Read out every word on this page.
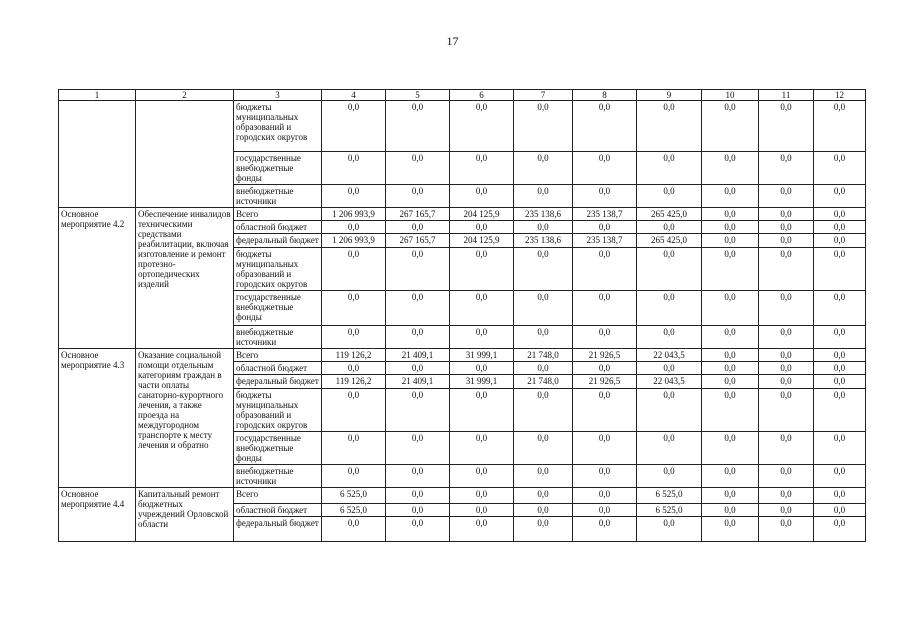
17
1	2	3	4	5	6	7	8	9	10	11	12
		бюджеты муниципальных образований и городских округов	0,0	0,0	0,0	0,0	0,0	0,0	0,0	0,0	0,0
		государственные внебюджетные фонды	0,0	0,0	0,0	0,0	0,0	0,0	0,0	0,0	0,0
		внебюджетные источники	0,0	0,0	0,0	0,0	0,0	0,0	0,0	0,0	0,0
Основное мероприятие 4.2	Обеспечение инвалидов техническими средствами реабилитации, включая изготовление и ремонт протезно-ортопедических изделий	Всего	1 206 993,9	267 165,7	204 125,9	235 138,6	235 138,7	265 425,0	0,0	0,0	0,0
		областной бюджет	0,0	0,0	0,0	0,0	0,0	0,0	0,0	0,0	0,0
		федеральный бюджет	1 206 993,9	267 165,7	204 125,9	235 138,6	235 138,7	265 425,0	0,0	0,0	0,0
		бюджеты муниципальных образований и городских округов	0,0	0,0	0,0	0,0	0,0	0,0	0,0	0,0	0,0
		государственные внебюджетные фонды	0,0	0,0	0,0	0,0	0,0	0,0	0,0	0,0	0,0
		внебюджетные источники	0,0	0,0	0,0	0,0	0,0	0,0	0,0	0,0	0,0
Основное мероприятие 4.3	Оказание социальной помощи отдельным категориям граждан в части оплаты санаторно-курортного лечения, а также проезда на междугородном транспорте к месту лечения и обратно	Всего	119 126,2	21 409,1	31 999,1	21 748,0	21 926,5	22 043,5	0,0	0,0	0,0
		областной бюджет	0,0	0,0	0,0	0,0	0,0	0,0	0,0	0,0	0,0
		федеральный бюджет	119 126,2	21 409,1	31 999,1	21 748,0	21 926,5	22 043,5	0,0	0,0	0,0
		бюджеты муниципальных образований и городских округов	0,0	0,0	0,0	0,0	0,0	0,0	0,0	0,0	0,0
		государственные внебюджетные фонды	0,0	0,0	0,0	0,0	0,0	0,0	0,0	0,0	0,0
		внебюджетные источники	0,0	0,0	0,0	0,0	0,0	0,0	0,0	0,0	0,0
Основное мероприятие 4.4	Капитальный ремонт бюджетных учреждений Орловской области	Всего	6 525,0	0,0	0,0	0,0	0,0	6 525,0	0,0	0,0	0,0
		областной бюджет	6 525,0	0,0	0,0	0,0	0,0	6 525,0	0,0	0,0	0,0
		федеральный бюджет	0,0	0,0	0,0	0,0	0,0	0,0	0,0	0,0	0,0
